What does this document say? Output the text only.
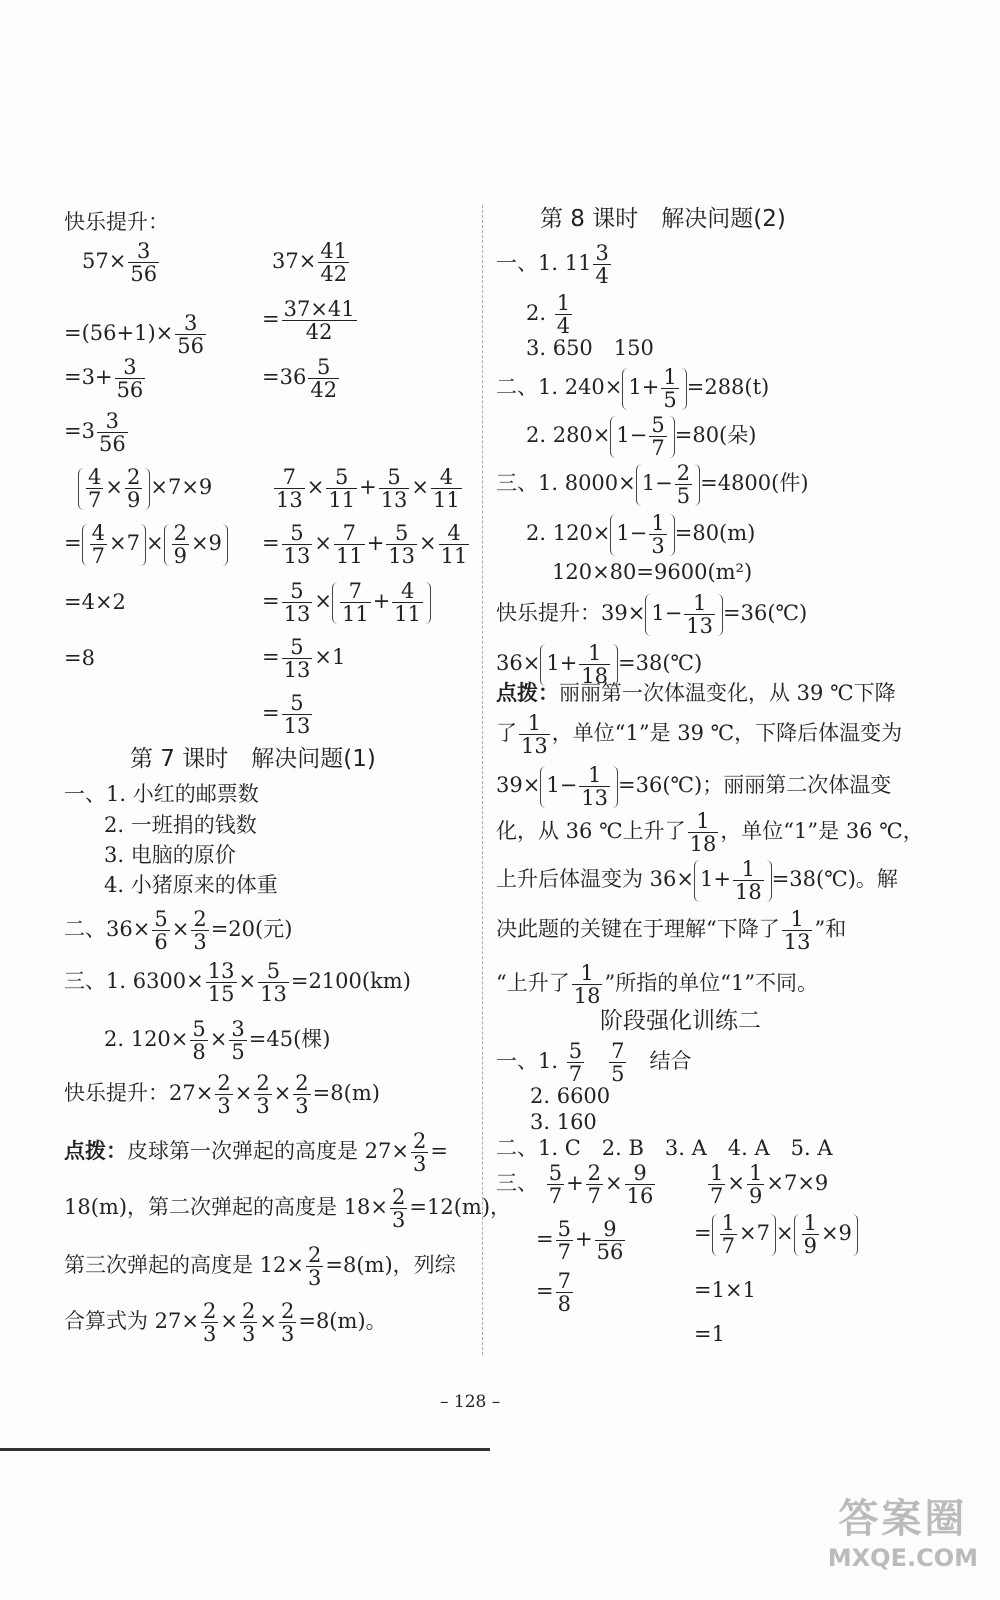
快乐提升：
$57\times \frac{3}{56}$
$=(56+1)\times \frac{3}{56}$
$=3+ \frac{3}{56}$
$=3 \frac{3}{56}$
$37\times \frac{41}{42}$
= $\frac{37\times 41}{42}$
$=36 \frac{5}{42}$
$\frac{4}{7} \times \frac{2}{9} \times 7\times 9$
= $\frac{4}{7} \times 7 \times \frac{2}{9} \times 9$
=4×2
=8
$\frac{7}{13} \times \frac{5}{11} + \frac{5}{13} \times \frac{4}{11}$
= $\frac{5}{13} \times \frac{7}{11} + \frac{5}{13} \times \frac{4}{11}$
= $\frac{5}{13} \times \frac{7}{11} + \frac{4}{11}$
= $\frac{5}{13} \times 1$
= $\frac{5}{13}$
第 7 课时　解决问题(1)
一、1. 小红的邮票数
2. 一班捐的钱数
3. 电脑的原价
4. 小猪原来的体重
二、$36\times \frac{5}{6} \times \frac{2}{3} =20$(元)
三、1. $6300\times \frac{13}{15} \times \frac{5}{13} =2100(km)$
2. $120\times \frac{5}{8} \times \frac{3}{5} =45$(棵)
快乐提升：$27\times \frac{2}{3} \times \frac{2}{3} \times \frac{2}{3} =8(m)$
点拨：皮球第一次弹起的高度是 $27\times \frac{2}{3}$ =
18(m)，第二次弹起的高度是 $18\times \frac{2}{3} =12(m)$，
第三次弹起的高度是 $12\times \frac{2}{3} =8(m)$，列综
合算式为 $27\times \frac{2}{3} \times \frac{2}{3} \times \frac{2}{3} =8(m)$。
第 8 课时　解决问题(2)
一、1. $11 \frac{3}{4}$
2. $\frac{1}{4}$
3. 650　150
二、1. $240\times 1+ \frac{1}{5} =288(t)$
2. $280\times 1- \frac{5}{7} =80$(朵)
三、1. $8000\times 1- \frac{2}{5} =4800$(件)
2. $120\times 1- \frac{1}{3} =80(m)$
120×80=9600(m²)
快乐提升：$39\times 1- \frac{1}{13}$ =36(℃)
$36\times 1+ \frac{1}{18}$ =38(℃)
点拨：丽丽第一次体温变化，从 39 ℃下降
了 $\frac{1}{13}$ ，单位“1”是 39 ℃，下降后体温变为
$39\times 1- \frac{1}{13}$ =36(℃)；丽丽第二次体温变
化，从 36 ℃上升了 $\frac{1}{18}$ ，单位“1”是 36 ℃，
上升后体温变为 $36\times 1+ \frac{1}{18}$ =38(℃)。解
决此题的关键在于理解“下降了 $\frac{1}{13}$ ”和
“上升了 $\frac{1}{18}$ ”所指的单位“1”不同。
阶段强化训练二
一、1. $\frac{5}{7}$
　 $\frac{7}{5}$
　 结合
2. 6600
3. 160
二、1. C　2. B　3. A　4. A　5. A
三、 $\frac{5}{7} + \frac{2}{7} \times \frac{9}{16}$
= $\frac{5}{7} + \frac{9}{56}$
= $\frac{7}{8}$
$\frac{1}{7} \times \frac{1}{9} \times 7\times 9$
= $\frac{1}{7} \times 7 \times \frac{1}{9} \times 9$
=1×1
=1
– 128 –
答案圈
MXQE.COM
